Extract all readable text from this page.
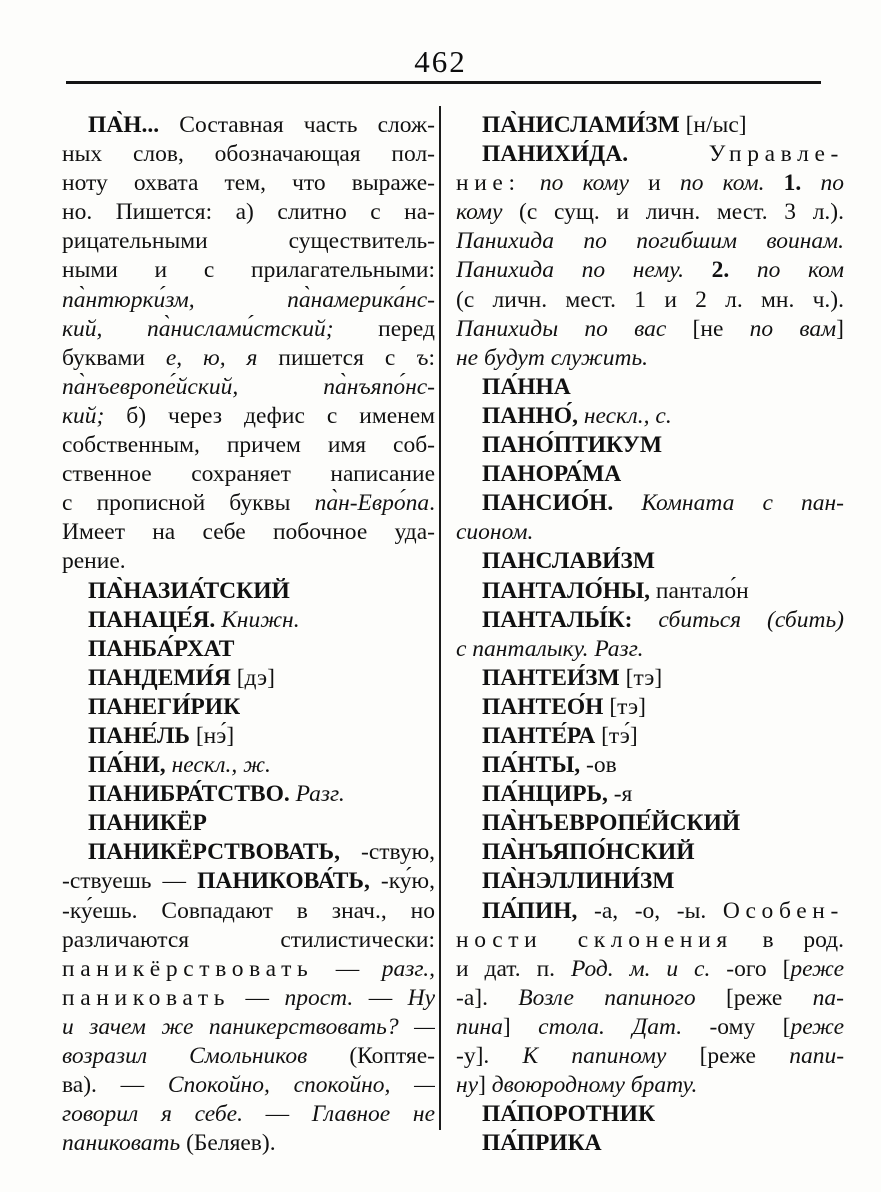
462
ПА̀Н... Составная часть слож-
ных слов, обозначающая пол-
ноту охвата тем, что выраже-
но. Пишется: а) слитно с на-
рицательными существитель-
ными и с прилагательными:
па̀нтюрки́зм, па̀намерика́нс-
кий, па̀нислами́стский; перед
буквами е, ю, я пишется с ъ:
па̀нъевропе́йский, па̀нъяпо́нс-
кий; б) через дефис с именем
собственным, причем имя соб-
ственное сохраняет написание
с прописной буквы па̀н-Евро́па.
Имеет на себе побочное уда-
рение.
ПА̀НАЗИА́ТСКИЙ
ПАНАЦЕ́Я. Книжн.
ПАНБА́РХАТ
ПАНДЕМИ́Я [дэ]
ПАНЕГИ́РИК
ПАНЕ́ЛЬ [нэ́]
ПА́НИ, нескл., ж.
ПАНИБРА́ТСТВО. Разг.
ПАНИКЁР
ПАНИКЁРСТВОВАТЬ, -ствую,
-ствуешь — ПАНИКОВА́ТЬ, -ку́ю,
-ку́ешь. Совпадают в знач., но
различаются стилистически:
паникёрствовать — разг.,
паниковать — прост. — Ну
и зачем же паникерствовать? —
возразил Смольников (Коптяе-
ва). — Спокойно, спокойно, —
говорил я себе. — Главное не
паниковать (Беляев).
ПА̀НИСЛАМИ́ЗМ [н/ыс]
ПАНИХИ́ДА. Управле-
ние: по кому и по ком. 1. по
кому (с сущ. и личн. мест. 3 л.).
Панихида по погибшим воинам.
Панихида по нему. 2. по ком
(с личн. мест. 1 и 2 л. мн. ч.).
Панихиды по вас [не по вам]
не будут служить.
ПА́ННА
ПАННО́, нескл., с.
ПАНО́ПТИКУМ
ПАНОРА́МА
ПАНСИО́Н. Комната с пан-
сионом.
ПАНСЛАВИ́ЗМ
ПАНТАЛО́НЫ, пантало́н
ПАНТАЛЫ́К: сбиться (сбить)
с панталыку. Разг.
ПАНТЕИ́ЗМ [тэ]
ПАНТЕО́Н [тэ]
ПАНТЕ́РА [тэ́]
ПА́НТЫ, -ов
ПА́НЦИРЬ, -я
ПА̀НЪЕВРОПЕ́ЙСКИЙ
ПА̀НЪЯПО́НСКИЙ
ПА̀НЭЛЛИНИ́ЗМ
ПА́ПИН, -а, -о, -ы. Особен-
ности склонения в род.
и дат. п. Род. м. и с. -ого [реже
-а]. Возле папиного [реже па-
пина] стола. Дат. -ому [реже
-у]. К папиному [реже папи-
ну] двоюродному брату.
ПА́ПОРОТНИК
ПА́ПРИКА
